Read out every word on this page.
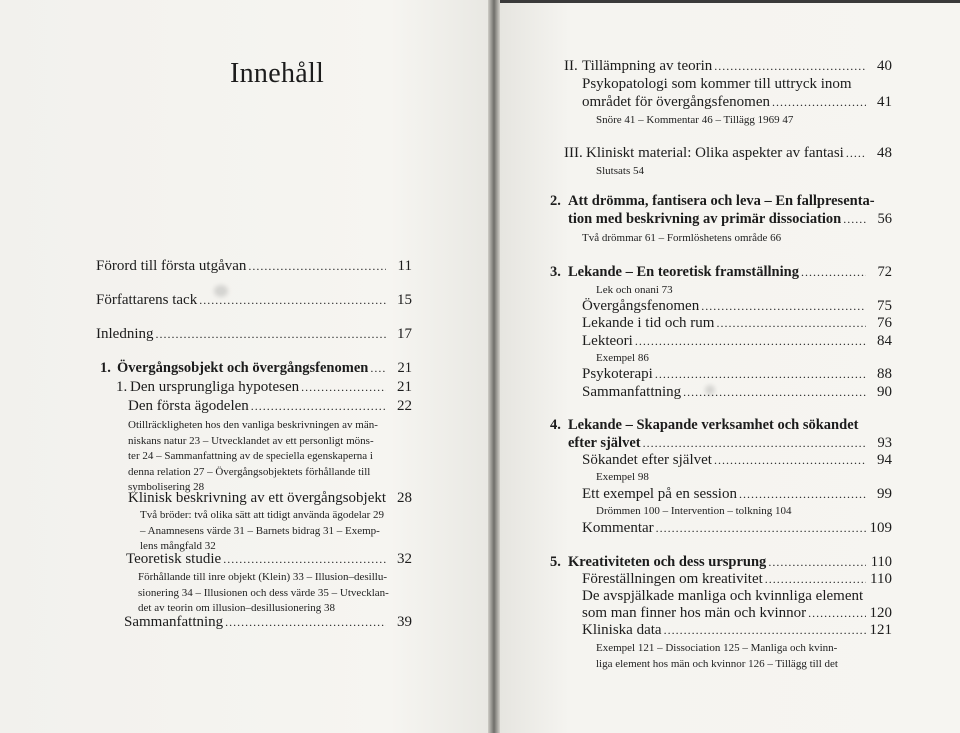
Innehåll
Förord till första utgåvan .....	11
Författarens tack .....	15
Inledning .....	17
1. Övergångsobjekt och övergångsfenomen .....	21
1. Den ursprungliga hypotesen .....	21
Den första ägodelen .....	22
Otillräckligheten hos den vanliga beskrivningen av män-
niskans natur 23 – Utvecklandet av ett personligt möns-
ter 24 – Sammanfattning av de speciella egenskaperna i
denna relation 27 – Övergångsobjektets förhållande till
symbolisering 28
Klinisk beskrivning av ett övergångsobjekt 28
Två bröder: två olika sätt att tidigt använda ägodelar 29
– Anamnesens värde 31 – Barnets bidrag 31 – Exemp-
lens mångfald 32
Teoretisk studie .....	32
Förhållande till inre objekt (Klein) 33 – Illusion–desillu-
sionering 34 – Illusionen och dess värde 35 – Utvecklan-
det av teorin om illusion–desillusionering 38
Sammanfattning .....	39
II. Tillämpning av teorin .....	40
Psykopatologi som kommer till uttryck inom
området för övergångsfenomen .....	41
Snöre 41 – Kommentar 46 – Tillägg 1969 47
III. Kliniskt material: Olika aspekter av fantasi .....	48
Slutsats 54
2. Att drömma, fantisera och leva – En fallpresenta-
tion med beskrivning av primär dissociation .....	56
Två drömmar 61 – Formlöshetens område 66
3. Lekande – En teoretisk framställning .....	72
Lek och onani 73
Övergångsfenomen .....	75
Lekande i tid och rum .....	76
Lekteori .....	84
Exempel 86
Psykoterapi .....	88
Sammanfattning .....	90
4. Lekande – Skapande verksamhet och sökandet
efter självet .....	93
Sökandet efter självet .....	94
Exempel 98
Ett exempel på en session .....	99
Drömmen 100 – Intervention – tolkning 104
Kommentar .....	109
5. Kreativiteten och dess ursprung .....	110
Föreställningen om kreativitet .....	110
De avspjälkade manliga och kvinnliga element
som man finner hos män och kvinnor .....	120
Kliniska data .....	121
Exempel 121 – Dissociation 125 – Manliga och kvinn-
liga element hos män och kvinnor 126 – Tillägg till det
